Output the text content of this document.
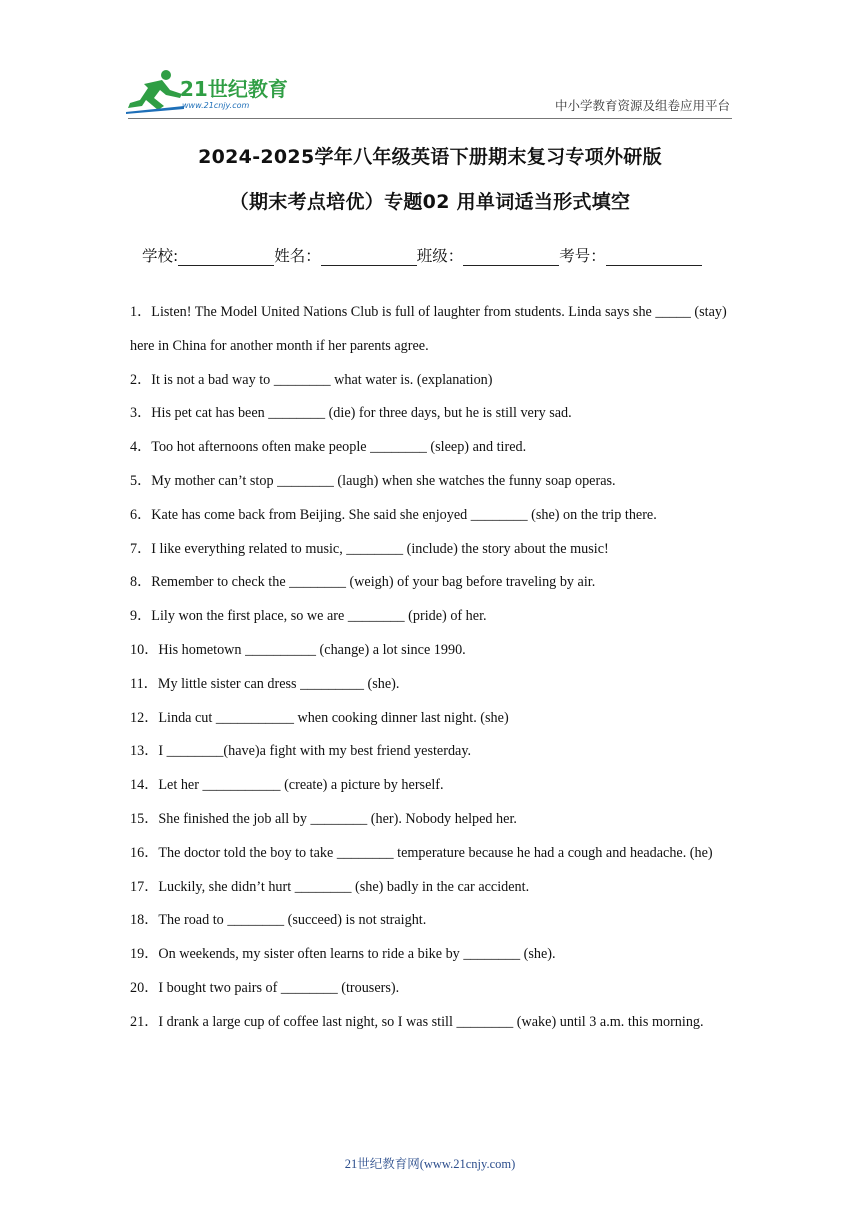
21世纪教育
www.21cnjy.com	中小学教育资源及组卷应用平台
2024-2025学年八年级英语下册期末复习专项外研版
（期末考点培优）专题02 用单词适当形式填空
学校:	姓名：	班级：	考号：

1．Listen! The Model United Nations Club is full of laughter from students. Linda says she _____ (stay) here in China for another month if her parents agree.

2．It is not a bad way to ________ what water is. (explanation)

3．His pet cat has been ________ (die) for three days, but he is still very sad.

4．Too hot afternoons often make people ________ (sleep) and tired.

5．My mother can’t stop ________ (laugh) when she watches the funny soap operas.

6．Kate has come back from Beijing. She said she enjoyed ________ (she) on the trip there.

7．I like everything related to music, ________ (include) the story about the music!

8．Remember to check the ________ (weigh) of your bag before traveling by air.

9．Lily won the first place, so we are ________ (pride) of her.

10．His hometown __________ (change) a lot since 1990.

11．My little sister can dress _________ (she).

12．Linda cut ___________ when cooking dinner last night. (she)

13．I ________(have)a fight with my best friend yesterday.

14．Let her ___________ (create) a picture by herself.

15．She finished the job all by ________ (her). Nobody helped her.

16．The doctor told the boy to take ________ temperature because he had a cough and headache. (he)

17．Luckily, she didn’t hurt ________ (she) badly in the car accident.

18．The road to ________ (succeed) is not straight.

19．On weekends, my sister often learns to ride a bike by ________ (she).

20．I bought two pairs of ________ (trousers).

21．I drank a large cup of coffee last night, so I was still ________ (wake) until 3 a.m. this morning.

21世纪教育网(www.21cnjy.com)
